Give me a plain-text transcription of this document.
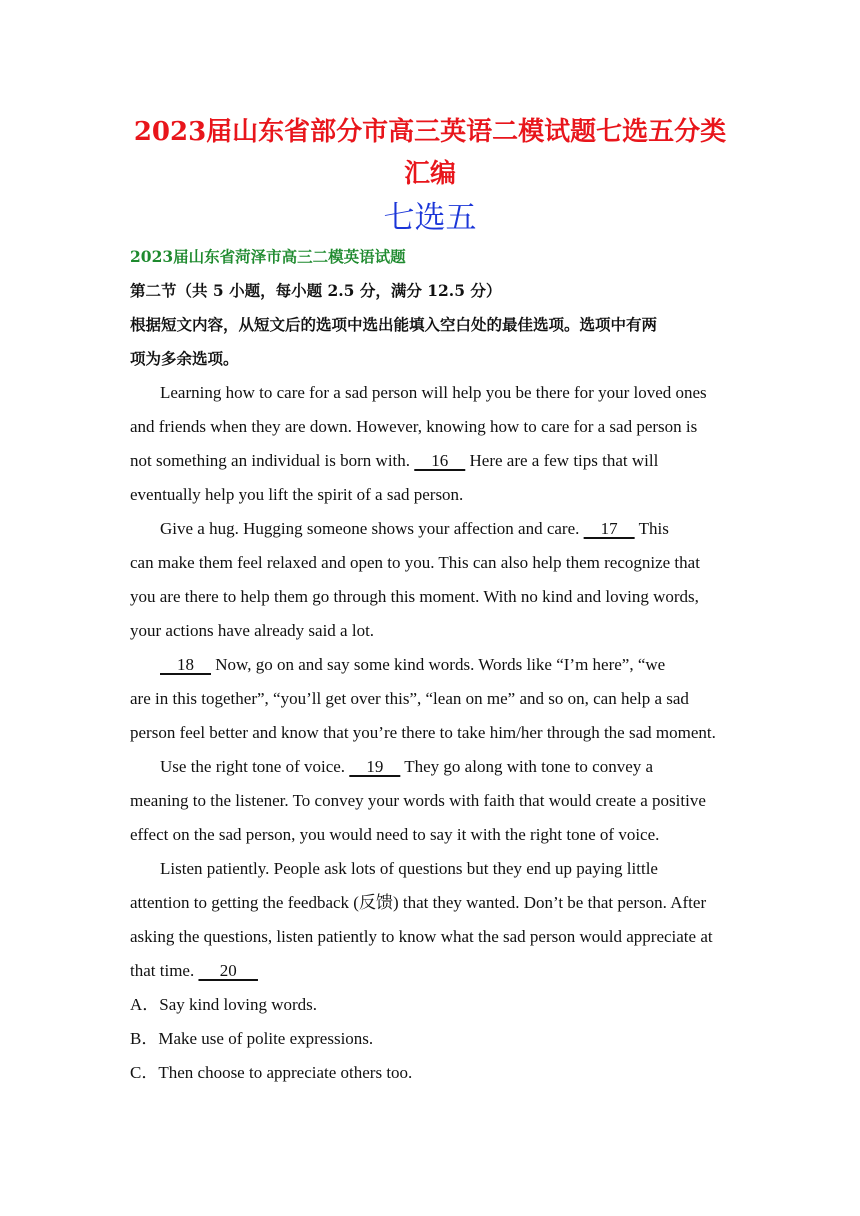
2023届山东省部分市高三英语二模试题七选五分类
汇编
七选五
2023届山东省菏泽市高三二模英语试题
第二节（共 5 小题，每小题 2.5 分，满分 12.5 分）
根据短文内容，从短文后的选项中选出能填入空白处的最佳选项。选项中有两
项为多余选项。
Learning how to care for a sad person will help you be there for your loved ones
and friends when they are down. However, knowing how to care for a sad person is
not something an individual is born with.     16     Here are a few tips that will
eventually help you lift the spirit of a sad person.
Give a hug. Hugging someone shows your affection and care.     17     This
can make them feel relaxed and open to you. This can also help them recognize that
you are there to help them go through this moment. With no kind and loving words,
your actions have already said a lot.
18     Now, go on and say some kind words. Words like “I’m here”, “we
are in this together”, “you’ll get over this”, “lean on me” and so on, can help a sad
person feel better and know that you’re there to take him/her through the sad moment.
Use the right tone of voice.     19     They go along with tone to convey a
meaning to the listener. To convey your words with faith that would create a positive
effect on the sad person, you would need to say it with the right tone of voice.
Listen patiently. People ask lots of questions but they end up paying little
attention to getting the feedback (反馈) that they wanted. Don’t be that person. After
asking the questions, listen patiently to know what the sad person would appreciate at
that time.      20
A．Say kind loving words.
B．Make use of polite expressions.
C．Then choose to appreciate others too.
